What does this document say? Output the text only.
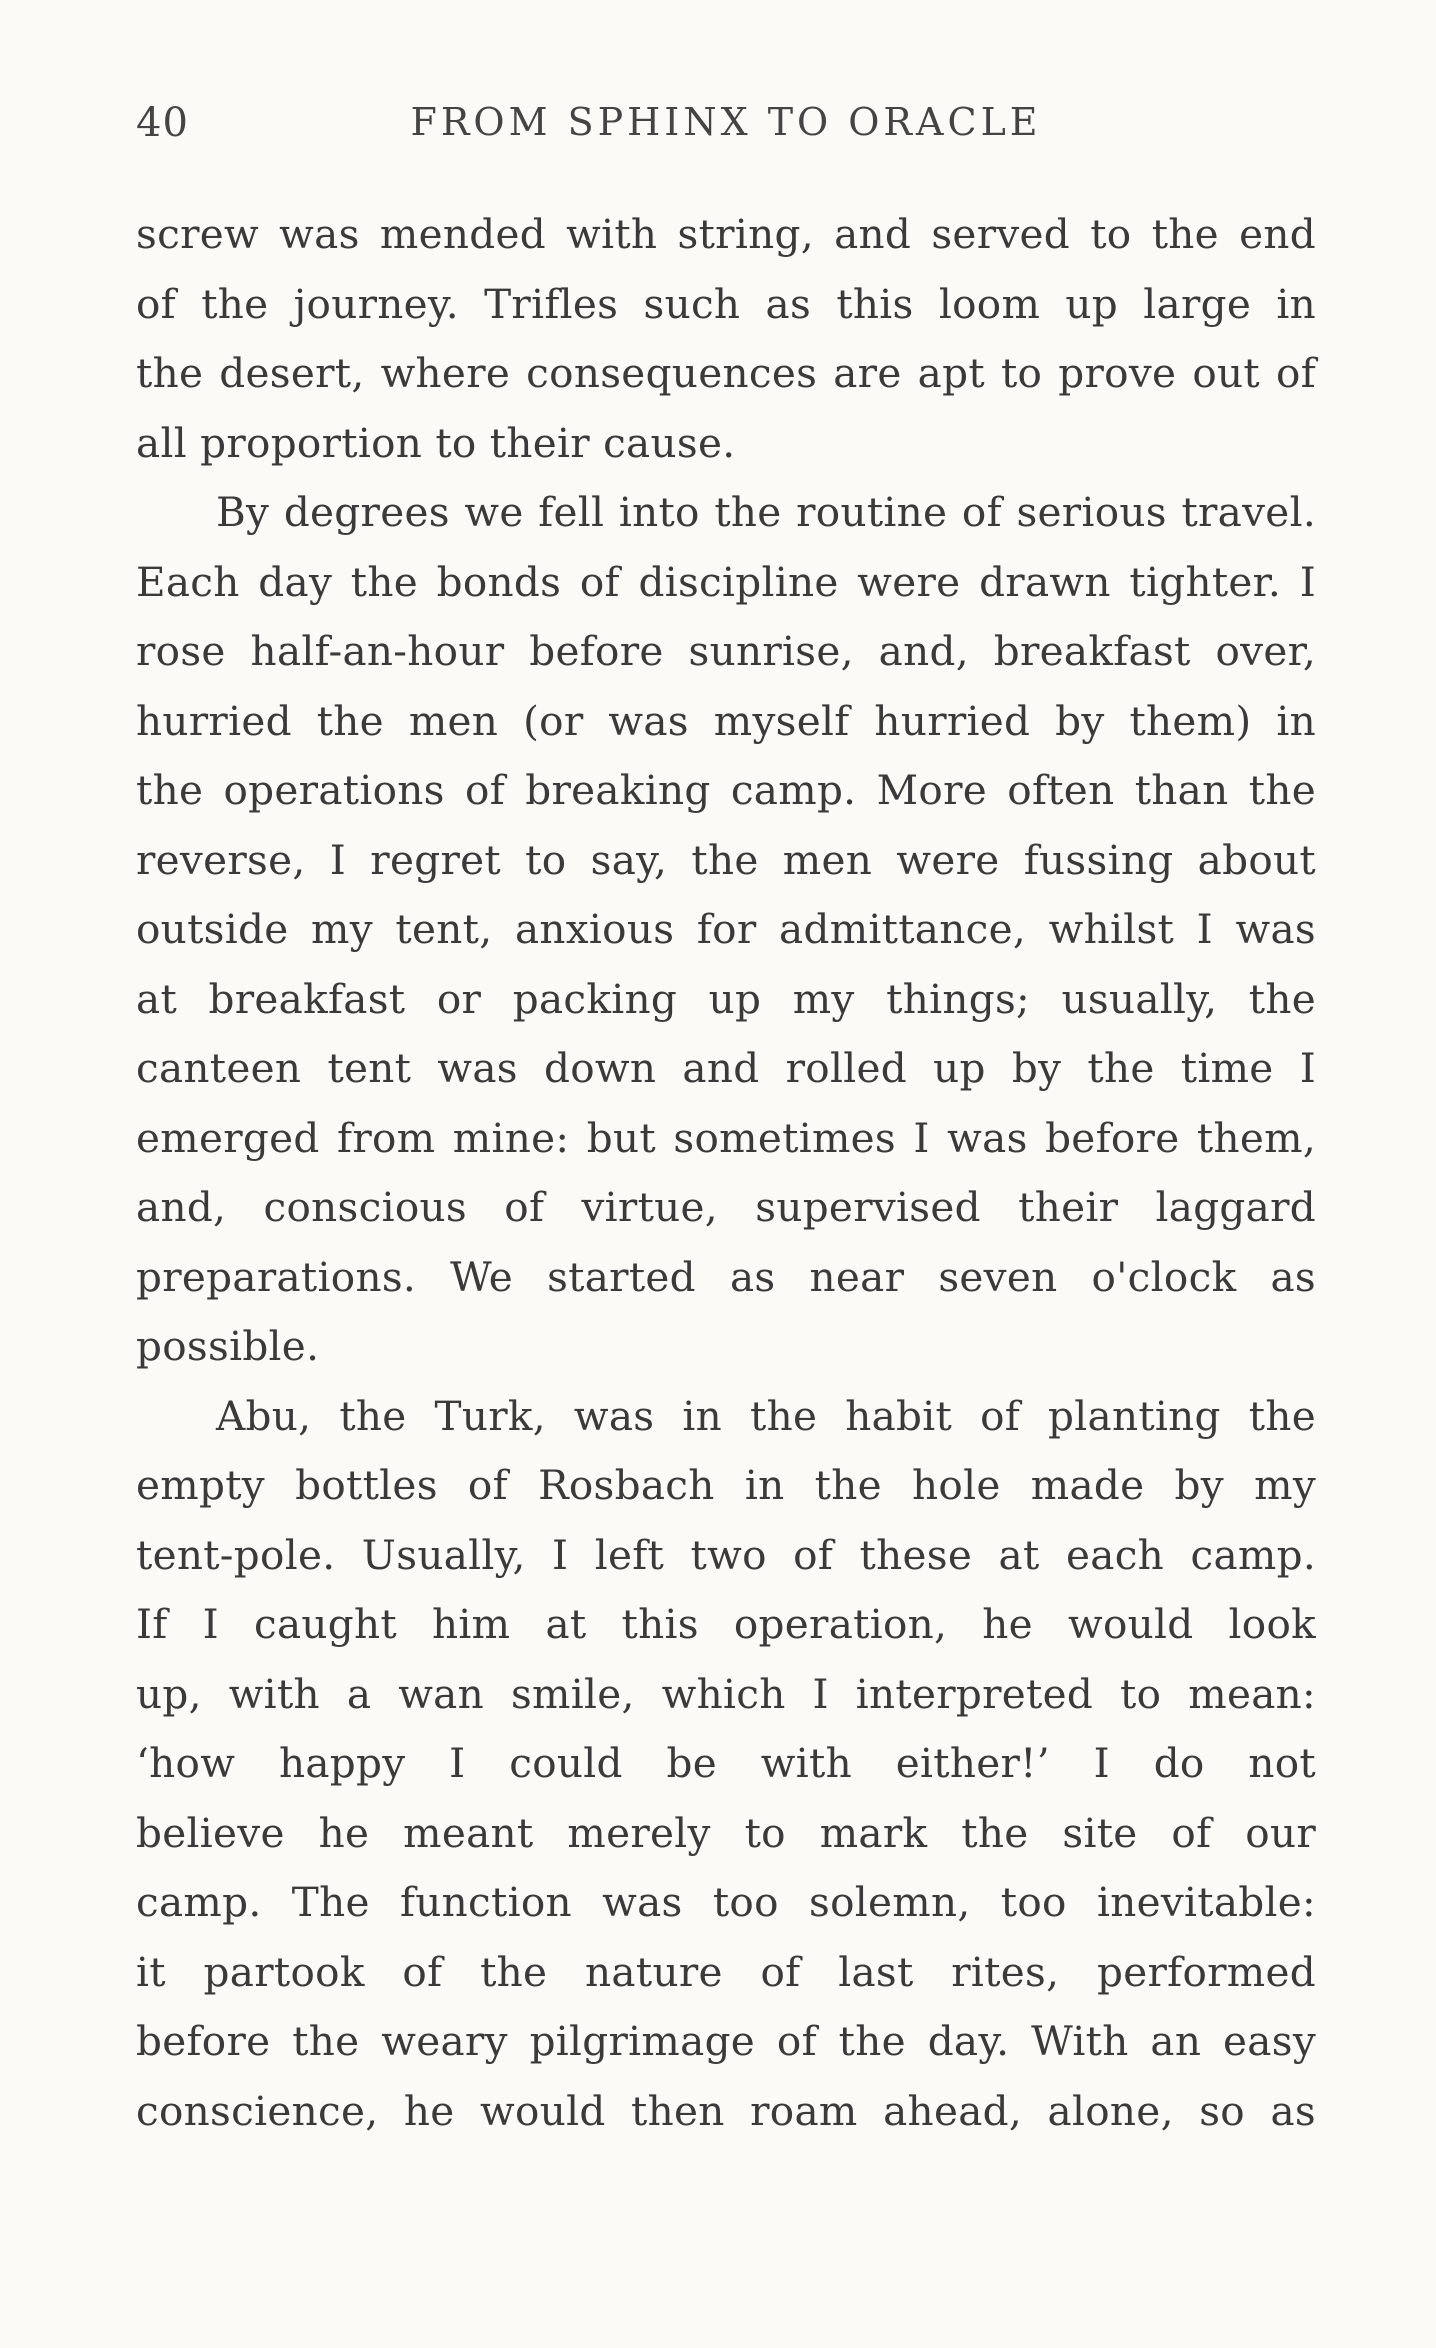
40	FROM SPHINX TO ORACLE
screw was mended with string, and served to the end
of the journey. Trifles such as this loom up large in
the desert, where consequences are apt to prove out of
all proportion to their cause.
By degrees we fell into the routine of serious travel.
Each day the bonds of discipline were drawn tighter. I
rose half-an-hour before sunrise, and, breakfast over,
hurried the men (or was myself hurried by them) in
the operations of breaking camp. More often than the
reverse, I regret to say, the men were fussing about
outside my tent, anxious for admittance, whilst I was
at breakfast or packing up my things; usually, the
canteen tent was down and rolled up by the time I
emerged from mine: but sometimes I was before them,
and, conscious of virtue, supervised their laggard
preparations. We started as near seven o'clock as
possible.
Abu, the Turk, was in the habit of planting the
empty bottles of Rosbach in the hole made by my
tent-pole. Usually, I left two of these at each camp.
If I caught him at this operation, he would look
up, with a wan smile, which I interpreted to mean:
‘how happy I could be with either!’ I do not
believe he meant merely to mark the site of our
camp. The function was too solemn, too inevitable:
it partook of the nature of last rites, performed
before the weary pilgrimage of the day. With an easy
conscience, he would then roam ahead, alone, so as
